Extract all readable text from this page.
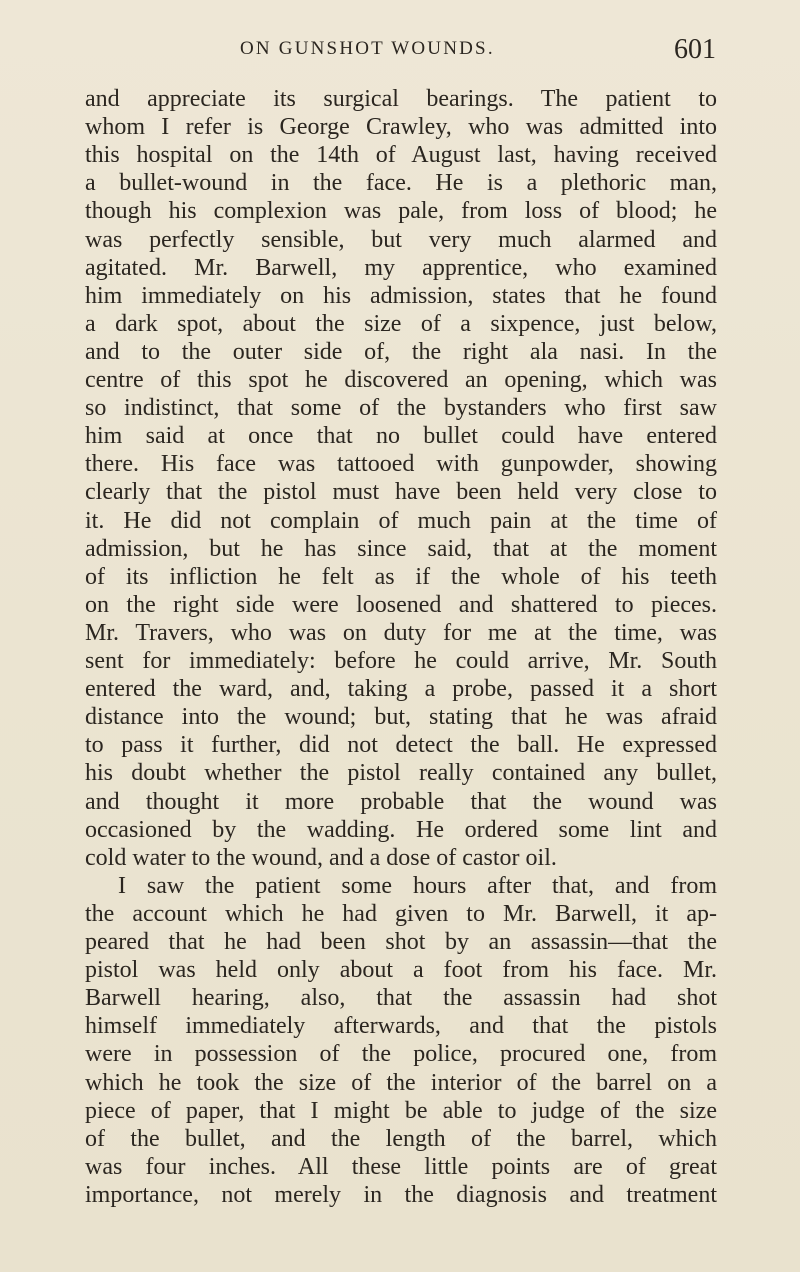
ON GUNSHOT WOUNDS.	601
and appreciate its surgical bearings. The patient to
whom I refer is George Crawley, who was admitted into
this hospital on the 14th of August last, having received
a bullet-wound in the face. He is a plethoric man,
though his complexion was pale, from loss of blood; he
was perfectly sensible, but very much alarmed and
agitated. Mr. Barwell, my apprentice, who examined
him immediately on his admission, states that he found
a dark spot, about the size of a sixpence, just below,
and to the outer side of, the right ala nasi. In the
centre of this spot he discovered an opening, which was
so indistinct, that some of the bystanders who first saw
him said at once that no bullet could have entered
there. His face was tattooed with gunpowder, showing
clearly that the pistol must have been held very close to
it. He did not complain of much pain at the time of
admission, but he has since said, that at the moment
of its infliction he felt as if the whole of his teeth
on the right side were loosened and shattered to pieces.
Mr. Travers, who was on duty for me at the time, was
sent for immediately: before he could arrive, Mr. South
entered the ward, and, taking a probe, passed it a short
distance into the wound; but, stating that he was afraid
to pass it further, did not detect the ball. He expressed
his doubt whether the pistol really contained any bullet,
and thought it more probable that the wound was
occasioned by the wadding. He ordered some lint and
cold water to the wound, and a dose of castor oil.
I saw the patient some hours after that, and from
the account which he had given to Mr. Barwell, it ap-
peared that he had been shot by an assassin—that the
pistol was held only about a foot from his face. Mr.
Barwell hearing, also, that the assassin had shot
himself immediately afterwards, and that the pistols
were in possession of the police, procured one, from
which he took the size of the interior of the barrel on a
piece of paper, that I might be able to judge of the size
of the bullet, and the length of the barrel, which
was four inches. All these little points are of great
importance, not merely in the diagnosis and treatment
